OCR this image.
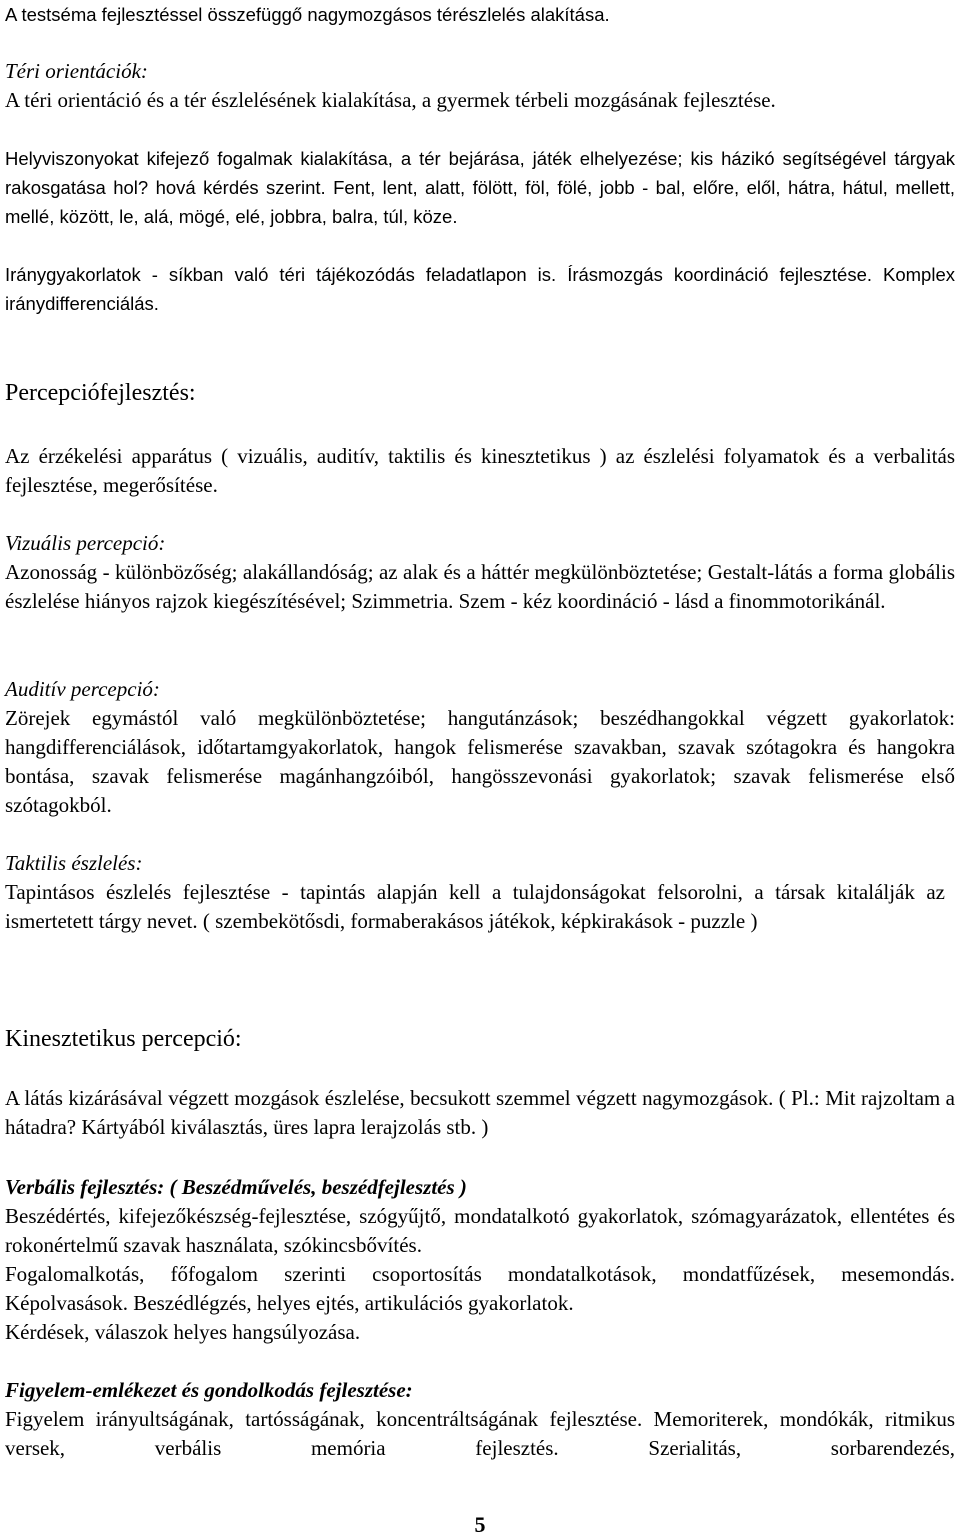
A testséma fejlesztéssel összefüggő nagymozgásos térészlelés alakítása.

Téri orientációk:

A téri orientáció és a tér észlelésének kialakítása, a gyermek térbeli mozgásának fejlesztése.

Helyviszonyokat kifejező fogalmak kialakítása, a tér bejárása, játék elhelyezése; kis házikó segítségével tárgyak rakosgatása hol? hová kérdés szerint. Fent, lent, alatt, fölött, föl, fölé, jobb - bal, előre, elől, hátra, hátul, mellett, mellé, között, le, alá, mögé, elé, jobbra, balra, túl, köze.

Iránygyakorlatok - síkban való téri tájékozódás feladatlapon is. Írásmozgás koordináció fejlesztése. Komplex iránydifferenciálás.

Percepciófejlesztés:

Az érzékelési apparátus ( vizuális, auditív, taktilis és kinesztetikus ) az észlelési folyamatok és a verbalitás fejlesztése, megerősítése.

Vizuális percepció:

Azonosság - különbözőség; alakállandóság; az alak és a háttér megkülönböztetése; Gestalt-látás a forma globális észlelése hiányos rajzok kiegészítésével; Szimmetria. Szem - kéz koordináció - lásd a finommotorikánál.

Auditív percepció:

Zörejek egymástól való megkülönböztetése; hangutánzások; beszédhangokkal végzett gyakorlatok: hangdifferenciálások, időtartamgyakorlatok, hangok felismerése szavakban, szavak szótagokra és hangokra bontása, szavak felismerése magánhangzóiból, hangösszevonási gyakorlatok; szavak felismerése első szótagokból.

Taktilis észlelés:

Tapintásos észlelés fejlesztése - tapintás alapján kell a tulajdonságokat felsorolni, a társak kitalálják az ismertetett tárgy nevet. ( szembekötősdi, formaberakásos játékok, képkirakások - puzzle )

Kinesztetikus percepció:

A látás kizárásával végzett mozgások észlelése, becsukott szemmel végzett nagymozgások. ( Pl.: Mit rajzoltam a hátadra? Kártyából kiválasztás, üres lapra lerajzolás stb. )

Verbális fejlesztés: ( Beszédművelés, beszédfejlesztés )

Beszédértés, kifejezőkészség-fejlesztése, szógyűjtő, mondatalkotó gyakorlatok, szómagyarázatok, ellentétes és rokonértelmű szavak használata, szókincsbővítés.

Fogalomalkotás, főfogalom szerinti csoportosítás mondatalkotások, mondatfűzések, mesemondás. Képolvasások. Beszédlégzés, helyes ejtés, artikulációs gyakorlatok.

Kérdések, válaszok helyes hangsúlyozása.

Figyelem-emlékezet és gondolkodás fejlesztése:

Figyelem irányultságának, tartósságának, koncentráltságának fejlesztése. Memoriterek, mondókák, ritmikus versek, verbális memória fejlesztés. Szerialitás, sorbarendezés,

5
